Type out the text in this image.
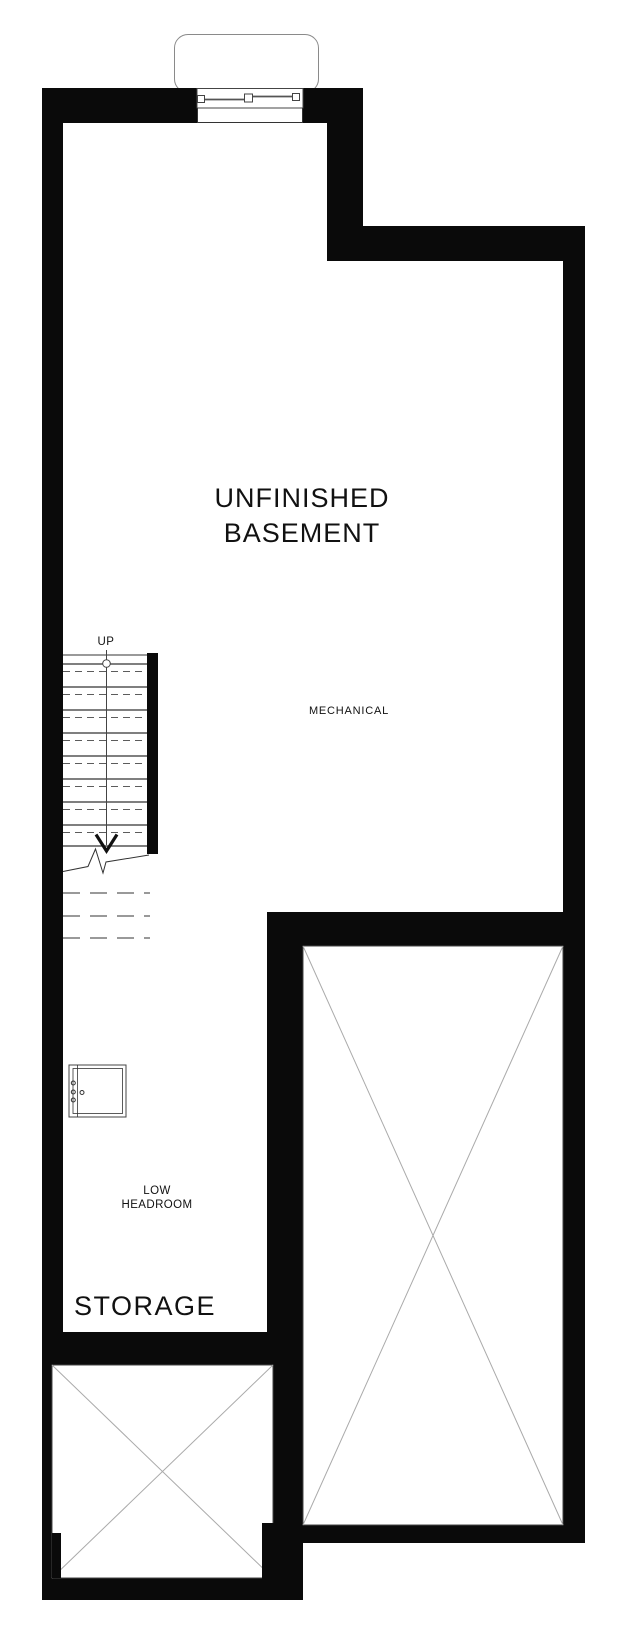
UP
UNFINISHED
BASEMENT
MECHANICAL
LOW
HEADROOM
STORAGE
